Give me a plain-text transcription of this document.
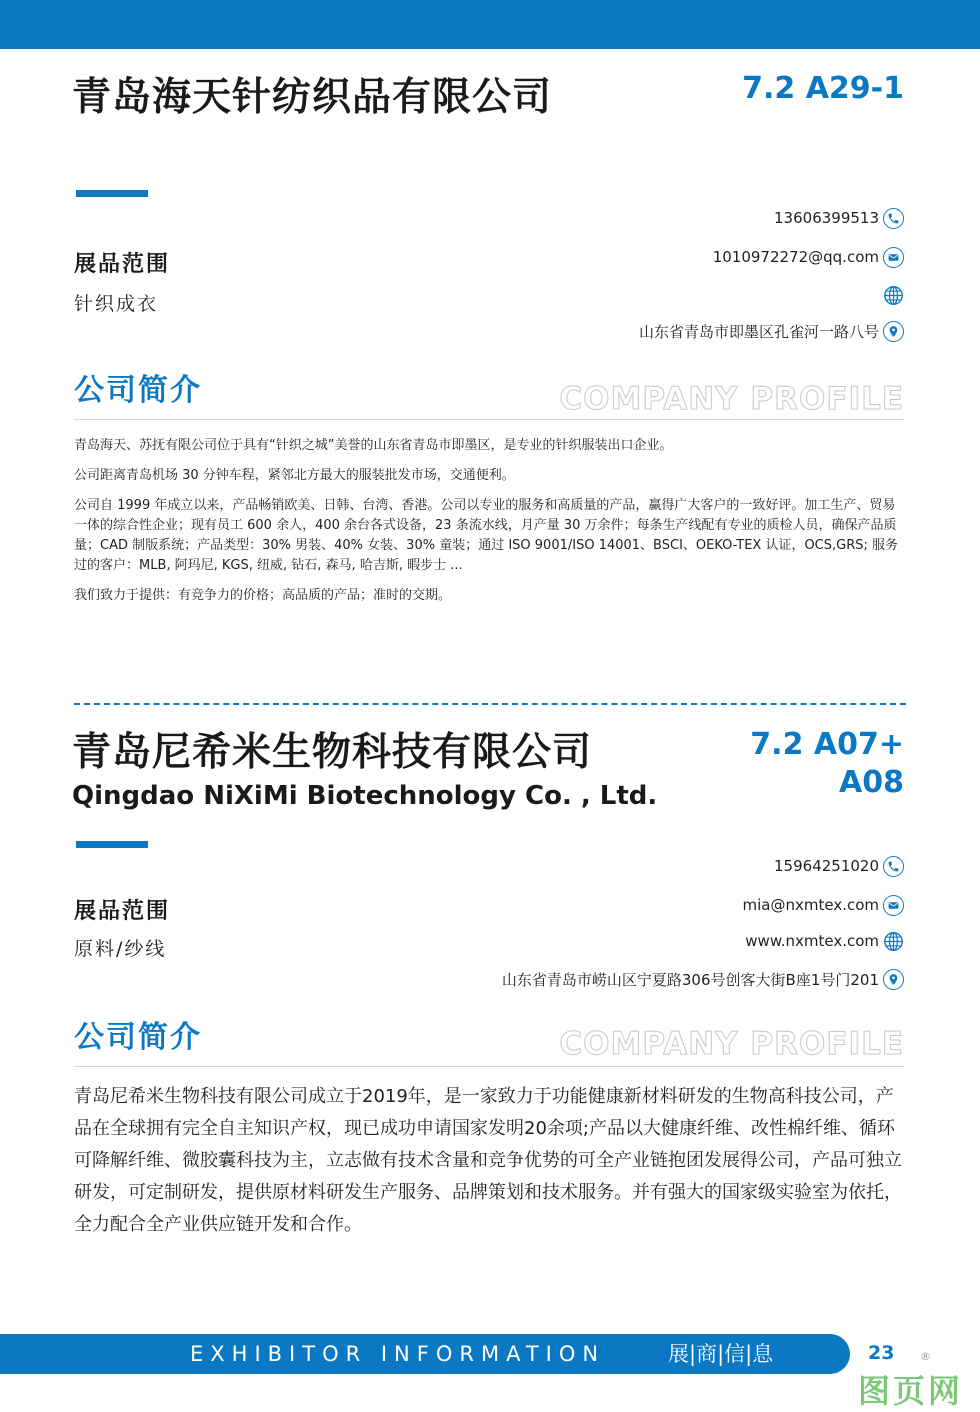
青岛海天针纺织品有限公司	7.2 A29-1
展品范围
针织成衣
13606399513
1010972272@qq.com
山东省青岛市即墨区孔雀河一路八号
公司简介	COMPANY PROFILE

青岛海天、苏抚有限公司位于具有“针织之城”美誉的山东省青岛市即墨区，是专业的针织服装出口企业。

公司距离青岛机场 30 分钟车程，紧邻北方最大的服装批发市场，交通便利。

公司自 1999 年成立以来，产品畅销欧美、日韩、台湾、香港。公司以专业的服务和高质量的产品，赢得广大客户的一致好评。加工生产、贸易一体的综合性企业；现有员工 600 余人，400 余台各式设备，23 条流水线，月产量 30 万余件；每条生产线配有专业的质检人员，确保产品质量；CAD 制版系统；产品类型：30% 男装、40% 女装、30% 童装；通过 ISO 9001/ISO 14001、BSCI、OEKO-TEX 认证，OCS,GRS; 服务过的客户：MLB, 阿玛尼, KGS, 纽威, 钻石, 森马, 哈吉斯, 暇步士 ...

我们致力于提供：有竞争力的价格；高品质的产品；准时的交期。

青岛尼希米生物科技有限公司
Qingdao NiXiMi Biotechnology Co. , Ltd.
7.2 A07+
A08
展品范围
原料/纱线
15964251020
mia@nxmtex.com
www.nxmtex.com
山东省青岛市崂山区宁夏路306号创客大街B座1号门201
公司简介	COMPANY PROFILE

青岛尼希米生物科技有限公司成立于2019年，是一家致力于功能健康新材料研发的生物高科技公司，产品在全球拥有完全自主知识产权，现已成功申请国家发明20余项;产品以大健康纤维、改性棉纤维、循环可降解纤维、微胶囊科技为主，立志做有技术含量和竞争优势的可全产业链抱团发展得公司，产品可独立研发，可定制研发，提供原材料研发生产服务、品牌策划和技术服务。并有强大的国家级实验室为依托，全力配合全产业供应链开发和合作。

EXHIBITOR INFORMATION	展|商|信|息	23 ®
图页网
